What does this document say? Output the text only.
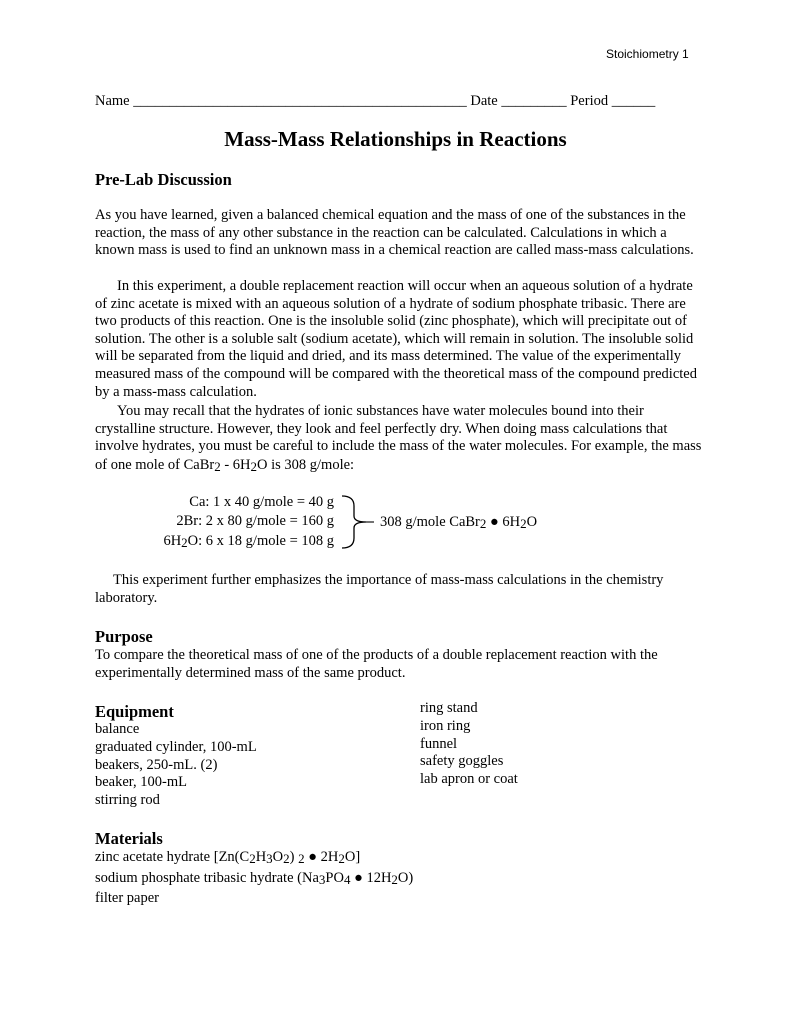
Stoichiometry 1
Name ______________________________________________ Date _________ Period ______
Mass-Mass Relationships in Reactions
Pre-Lab Discussion
As you have learned, given a balanced chemical equation and the mass of one of the substances in the reaction, the mass of any other substance in the reaction can be calculated. Calculations in which a known mass is used to find an unknown mass in a chemical reaction are called mass-mass calculations.
In this experiment, a double replacement reaction will occur when an aqueous solution of a hydrate of zinc acetate is mixed with an aqueous solution of a hydrate of sodium phosphate tribasic. There are two products of this reaction. One is the insoluble solid (zinc phosphate), which will precipitate out of solution. The other is a soluble salt (sodium acetate), which will remain in solution. The insoluble solid will be separated from the liquid and dried, and its mass determined. The value of the experimentally measured mass of the compound will be compared with the theoretical mass of the compound predicted by a mass-mass calculation.
You may recall that the hydrates of ionic substances have water molecules bound into their crystalline structure. However, they look and feel perfectly dry. When doing mass calculations that involve hydrates, you must be careful to include the mass of the water molecules. For example, the mass of one mole of CaBr2 - 6H2O is 308 g/mole:
Ca: 1 x 40 g/mole = 40 g
2Br: 2 x 80 g/mole = 160 g
6H2O: 6 x 18 g/mole = 108 g
308 g/mole CaBr2 ● 6H2O
This experiment further emphasizes the importance of mass-mass calculations in the chemistry laboratory.
Purpose
To compare the theoretical mass of one of the products of a double replacement reaction with the experimentally determined mass of the same product.
Equipment
balance
graduated cylinder, 100-mL
beakers, 250-mL. (2)
beaker, 100-mL
stirring rod
ring stand
iron ring
funnel
safety goggles
lab apron or coat
Materials
zinc acetate hydrate [Zn(C2H3O2) 2 ● 2H2O]
sodium phosphate tribasic hydrate (Na3PO4 ● 12H2O)
filter paper
